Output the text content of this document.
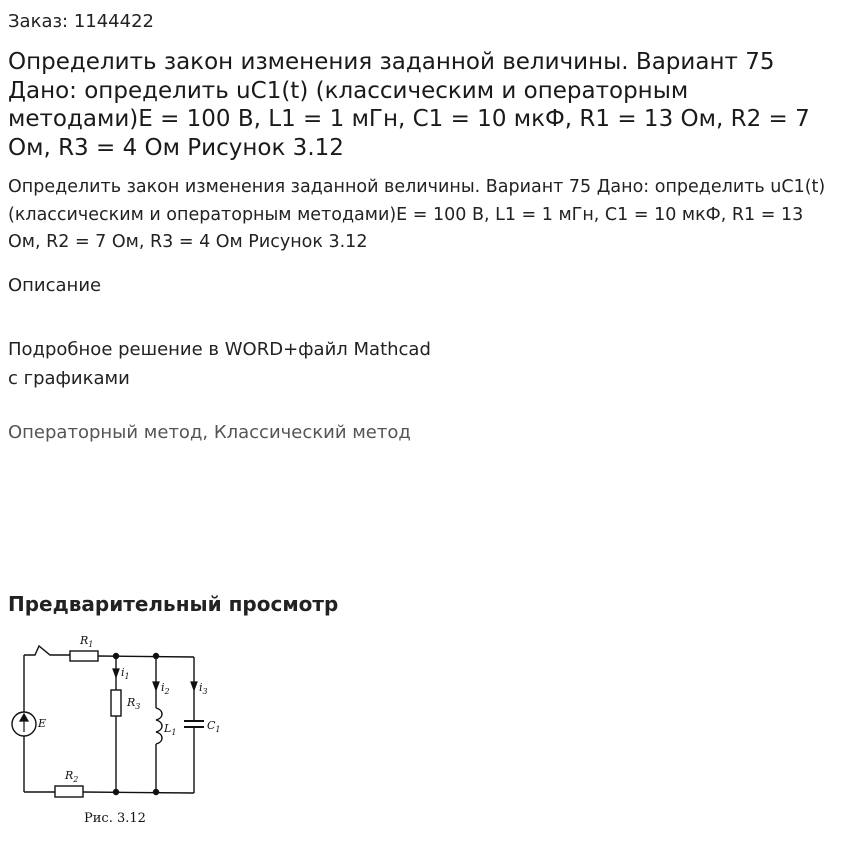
Заказ: 1144422
Определить закон изменения заданной величины. Вариант 75 Дано: определить uC1(t) (классическим и операторным методами)E = 100 В, L1 = 1 мГн, C1 = 10 мкФ, R1 = 13 Ом, R2 = 7 Ом, R3 = 4 Ом Рисунок 3.12

Определить закон изменения заданной величины. Вариант 75 Дано: определить uC1(t) (классическим и операторным методами)E = 100 В, L1 = 1 мГн, C1 = 10 мкФ, R1 = 13 Ом, R2 = 7 Ом, R3 = 4 Ом Рисунок 3.12

Описание
Подробное решение в WORD+файл Mathcad
с графиками
Операторный метод, Классический метод
Предварительный просмотр
$R_1$
E
$R_2$
$R_3$
$i_1$
$i_2$	$i_3$
$L_1$
$C_1$
Рис. 3.12
